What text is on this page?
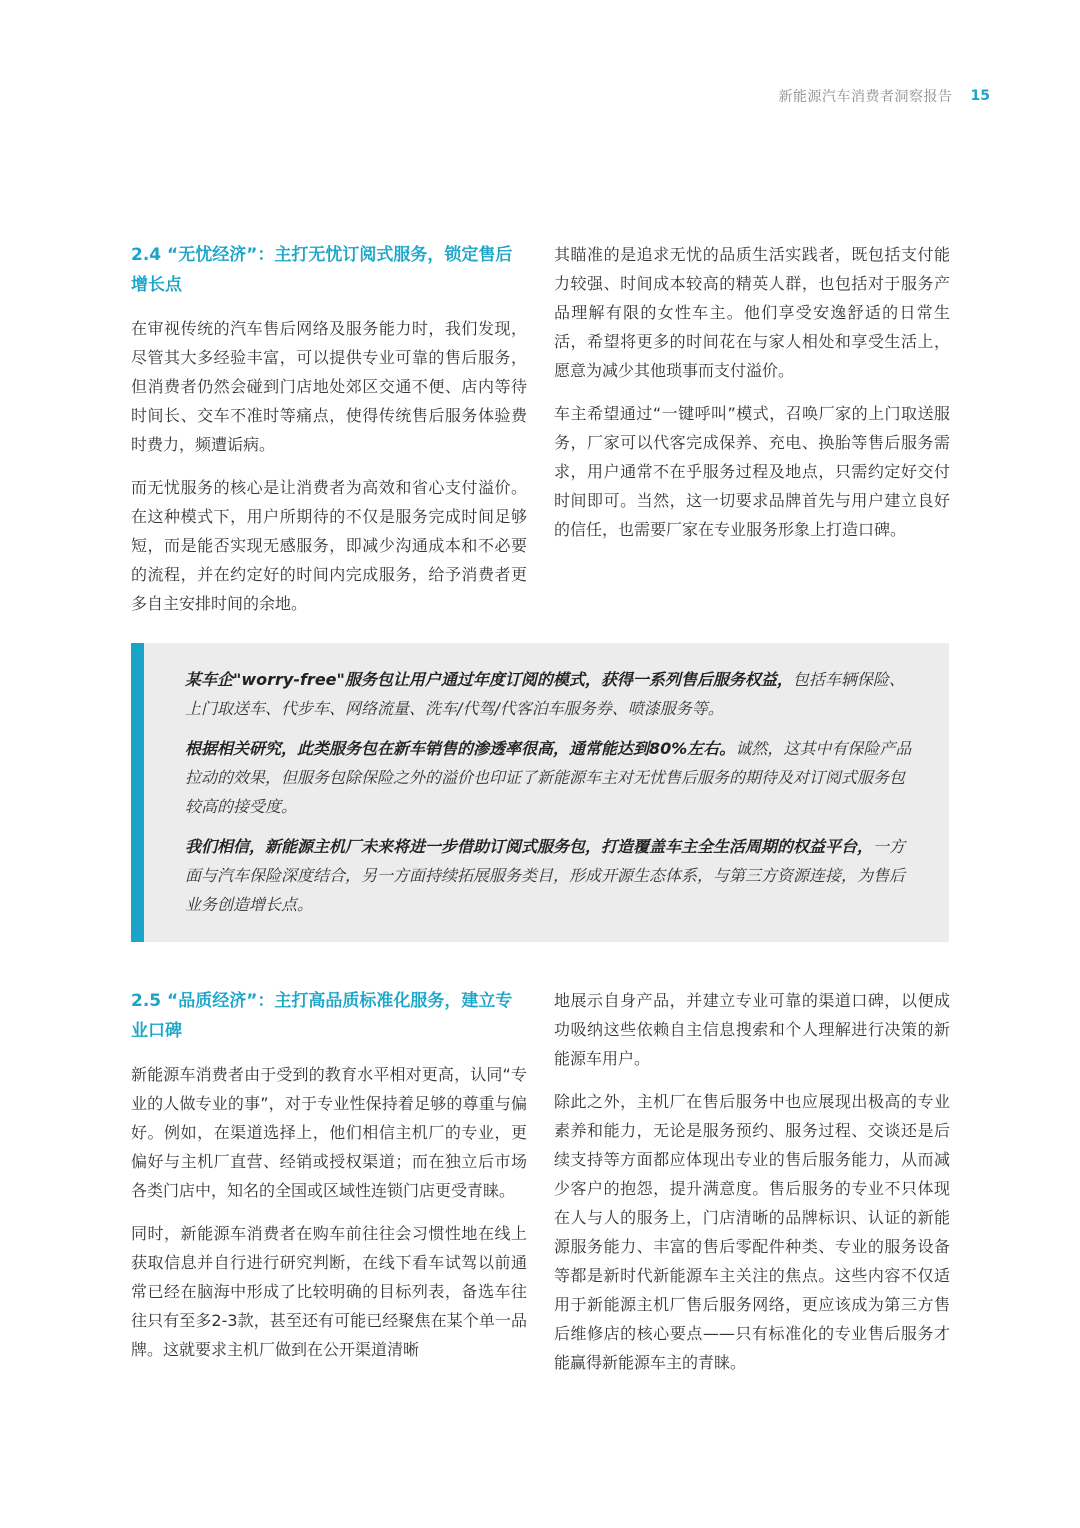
新能源汽车消费者洞察报告 15
2.4 “无忧经济”：主打无忧订阅式服务，锁定售后增长点

在审视传统的汽车售后网络及服务能力时，我们发现，尽管其大多经验丰富，可以提供专业可靠的售后服务，但消费者仍然会碰到门店地处郊区交通不便、店内等待时间长、交车不准时等痛点，使得传统售后服务体验费时费力，频遭诟病。

而无忧服务的核心是让消费者为高效和省心支付溢价。在这种模式下，用户所期待的不仅是服务完成时间足够短，而是能否实现无感服务，即减少沟通成本和不必要的流程，并在约定好的时间内完成服务，给予消费者更多自主安排时间的余地。

其瞄准的是追求无忧的品质生活实践者，既包括支付能力较强、时间成本较高的精英人群，也包括对于服务产品理解有限的女性车主。他们享受安逸舒适的日常生活，希望将更多的时间花在与家人相处和享受生活上，愿意为减少其他琐事而支付溢价。

车主希望通过“一键呼叫”模式，召唤厂家的上门取送服务，厂家可以代客完成保养、充电、换胎等售后服务需求，用户通常不在乎服务过程及地点，只需约定好交付时间即可。当然，这一切要求品牌首先与用户建立良好的信任，也需要厂家在专业服务形象上打造口碑。

某车企"worry-free"服务包让用户通过年度订阅的模式，获得一系列售后服务权益，包括车辆保险、上门取送车、代步车、网络流量、洗车/代驾/代客泊车服务券、喷漆服务等。

根据相关研究，此类服务包在新车销售的渗透率很高，通常能达到80%左右。诚然，这其中有保险产品拉动的效果，但服务包除保险之外的溢价也印证了新能源车主对无忧售后服务的期待及对订阅式服务包较高的接受度。

我们相信，新能源主机厂未来将进一步借助订阅式服务包，打造覆盖车主全生活周期的权益平台，一方面与汽车保险深度结合，另一方面持续拓展服务类目，形成开源生态体系，与第三方资源连接，为售后业务创造增长点。

2.5 “品质经济”：主打高品质标准化服务，建立专业口碑

新能源车消费者由于受到的教育水平相对更高，认同“专业的人做专业的事”，对于专业性保持着足够的尊重与偏好。例如，在渠道选择上，他们相信主机厂的专业，更偏好与主机厂直营、经销或授权渠道；而在独立后市场各类门店中，知名的全国或区域性连锁门店更受青睐。

同时，新能源车消费者在购车前往往会习惯性地在线上获取信息并自行进行研究判断，在线下看车试驾以前通常已经在脑海中形成了比较明确的目标列表，备选车往往只有至多2-3款，甚至还有可能已经聚焦在某个单一品牌。这就要求主机厂做到在公开渠道清晰

地展示自身产品，并建立专业可靠的渠道口碑，以便成功吸纳这些依赖自主信息搜索和个人理解进行决策的新能源车用户。

除此之外，主机厂在售后服务中也应展现出极高的专业素养和能力，无论是服务预约、服务过程、交谈还是后续支持等方面都应体现出专业的售后服务能力，从而减少客户的抱怨，提升满意度。售后服务的专业不只体现在人与人的服务上，门店清晰的品牌标识、认证的新能源服务能力、丰富的售后零配件种类、专业的服务设备等都是新时代新能源车主关注的焦点。这些内容不仅适用于新能源主机厂售后服务网络，更应该成为第三方售后维修店的核心要点——只有标准化的专业售后服务才能赢得新能源车主的青睐。
